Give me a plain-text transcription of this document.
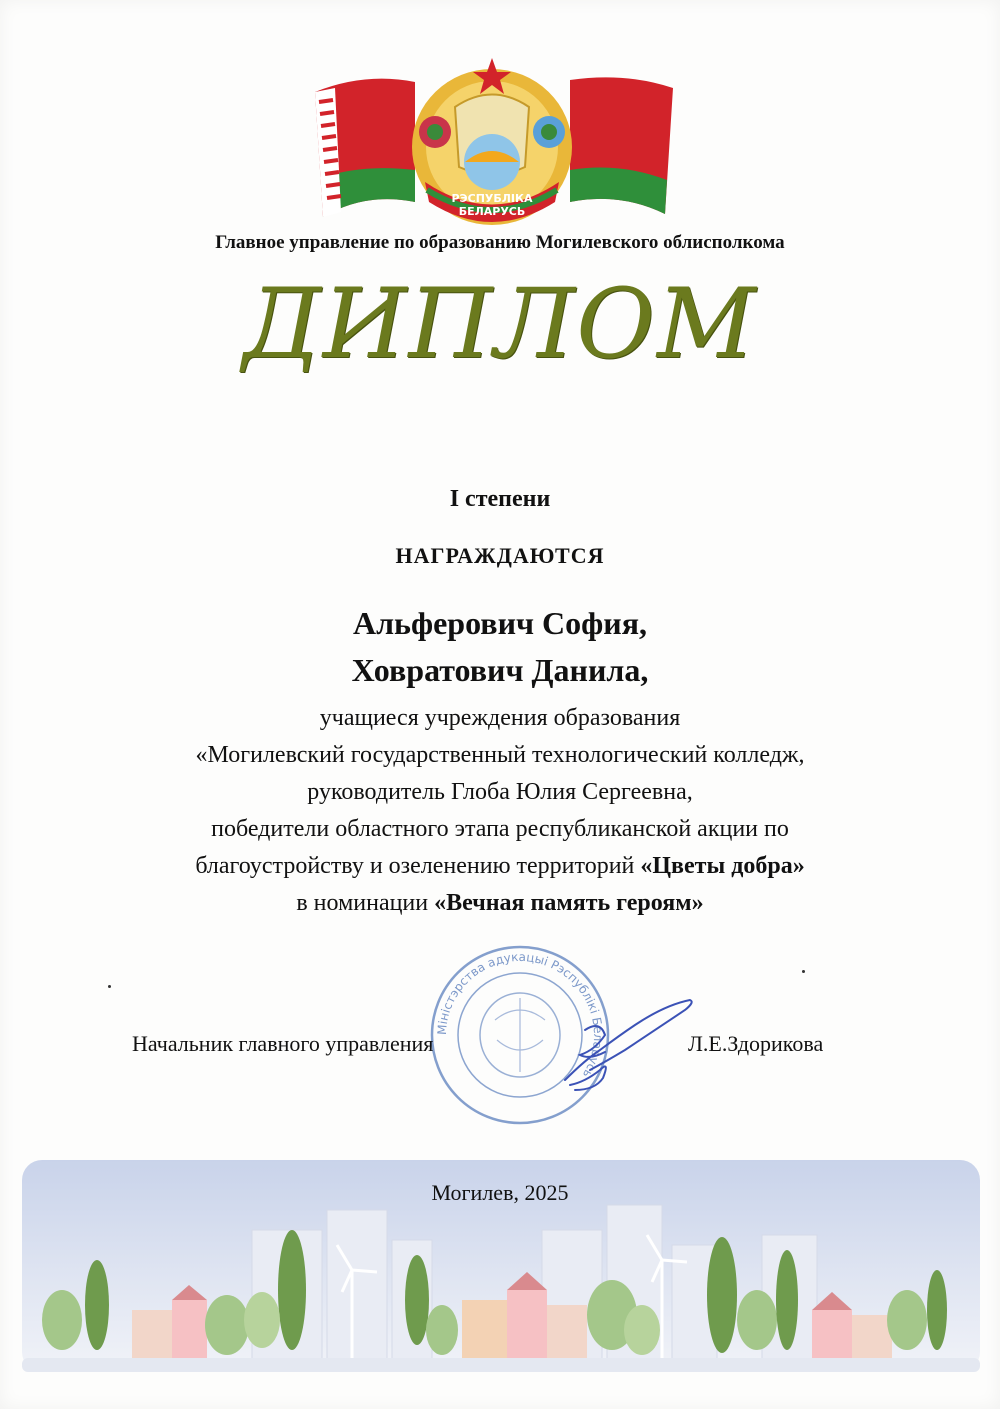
РЭСПУБЛІКА
БЕЛАРУСЬ
Главное управление по образованию Могилевского облисполкома
ДИПЛОМ
I степени
НАГРАЖДАЮТСЯ
Альферович София,
Ховратович Данила,
учащиеся учреждения образования
«Могилевский государственный технологический колледж,
руководитель Глоба Юлия Сергеевна,
победители областного этапа республиканской акции по
благоустройству и озеленению территорий «Цветы добра»
в номинации «Вечная память героям»
Міністэрства адукацыі Рэспублікі Беларусь
Начальник главного управления	Л.Е.Здорикова
Могилев, 2025
